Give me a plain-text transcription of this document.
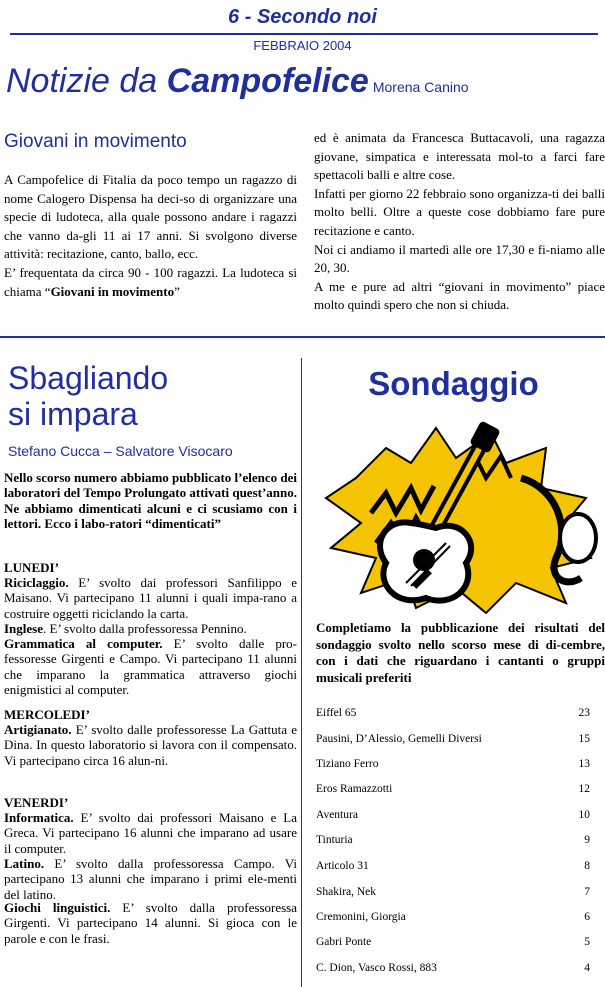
6 - Secondo noi
FEBBRAIO 2004
Notizie da Campofelice Morena Canino
Giovani in movimento
A Campofelice di Fitalia da poco tempo un ragazzo di nome Calogero Dispensa ha deci-so di organizzare una specie di ludoteca, alla quale possono andare i ragazzi che vanno da-gli 11 ai 17 anni. Si svolgono diverse attività: recitazione, canto, ballo, ecc.
E’ frequentata da circa 90 - 100 ragazzi. La ludoteca si chiama “Giovani in movimento”
ed è animata da Francesca Buttacavoli, una ragazza giovane, simpatica e interessata mol-to a farci fare spettacoli balli e altre cose.
Infatti per giorno 22 febbraio sono organizza-ti dei balli molto belli. Oltre a queste cose dobbiamo fare pure recitazione e canto.
Noi ci andiamo il martedì alle ore 17,30 e fi-niamo alle 20, 30.
A me e pure ad altri “giovani in movimento” piace molto quindi spero che non si chiuda.
Sbagliando
si impara
Stefano Cucca – Salvatore Visocaro
Nello scorso numero abbiamo pubblicato l’elenco dei laboratori del Tempo Prolungato attivati quest’anno. Ne abbiamo dimenticati alcuni e ci scusiamo con i lettori. Ecco i labo-ratori “dimenticati”
LUNEDI’
Riciclaggio. E’ svolto dai professori Sanfilippo e Maisano. Vi partecipano 11 alunni i quali impa-rano a costruire oggetti riciclando la carta.
Inglese. E’ svolto dalla professoressa Pennino.
Grammatica al computer. E’ svolto dalle pro-fessoresse Girgenti e Campo. Vi partecipano 11 alunni che imparano la grammatica attraverso giochi enigmistici al computer.
MERCOLEDI’
Artigianato. E’ svolto dalle professoresse La Gattuta e Dina. In questo laboratorio si lavora con il compensato. Vi partecipano circa 16 alun-ni.
VENERDI’
Informatica. E’ svolto dai professori Maisano e La Greca. Vi partecipano 16 alunni che imparano ad usare il computer.
Latino. E’ svolto dalla professoressa Campo. Vi partecipano 13 alunni che imparano i primi ele-menti del latino.
Giochi linguistici. E’ svolto dalla professoressa Girgenti. Vi partecipano 14 alunni. Si gioca con le parole e con le frasi.
Sondaggio
Completiamo la pubblicazione dei risultati del sondaggio svolto nello scorso mese di di-cembre, con i dati che riguardano i cantanti o gruppi musicali preferiti
Eiffel 65	23
Pausini, D’Alessio, Gemelli Diversi	15
Tiziano Ferro	13
Eros Ramazzotti	12
Aventura	10
Tinturia	9
Articolo 31	8
Shakira, Nek	7
Cremonini, Giorgia	6
Gabri Ponte	5
C. Dion, Vasco Rossi, 883	4
